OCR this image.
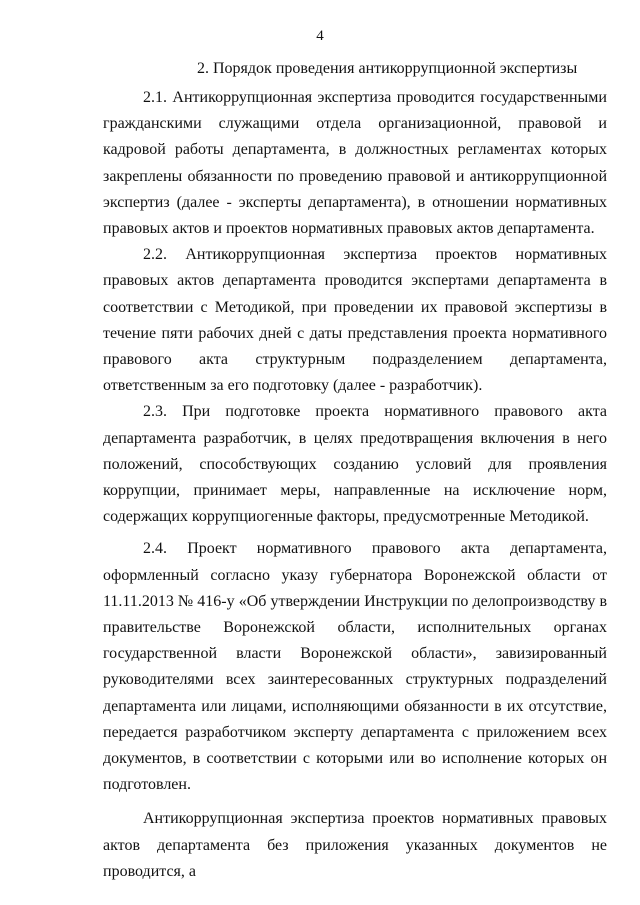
4
2. Порядок проведения антикоррупционной экспертизы

2.1. Антикоррупционная экспертиза проводится государственными гражданскими служащими отдела организационной, правовой и кадровой работы департамента, в должностных регламентах которых закреплены обязанности по проведению правовой и антикоррупционной экспертиз (далее - эксперты департамента), в отношении нормативных правовых актов и проектов нормативных правовых актов департамента.

2.2. Антикоррупционная экспертиза проектов нормативных правовых актов департамента проводится экспертами департамента в соответствии с Методикой, при проведении их правовой экспертизы в течение пяти рабочих дней с даты представления проекта нормативного правового акта структурным подразделением департамента, ответственным за его подготовку (далее - разработчик).

2.3. При подготовке проекта нормативного правового акта департамента разработчик, в целях предотвращения включения в него положений, способствующих созданию условий для проявления коррупции, принимает меры, направленные на исключение норм, содержащих коррупциогенные факторы, предусмотренные Методикой.

2.4. Проект нормативного правового акта департамента, оформленный согласно указу губернатора Воронежской области от 11.11.2013 № 416-у «Об утверждении Инструкции по делопроизводству в правительстве Воронежской области, исполнительных органах государственной власти Воронежской области», завизированный руководителями всех заинтересованных структурных подразделений департамента или лицами, исполняющими обязанности в их отсутствие, передается разработчиком эксперту департамента с приложением всех документов, в соответствии с которыми или во исполнение которых он подготовлен.

Антикоррупционная экспертиза проектов нормативных правовых актов департамента без приложения указанных документов не проводится, а
